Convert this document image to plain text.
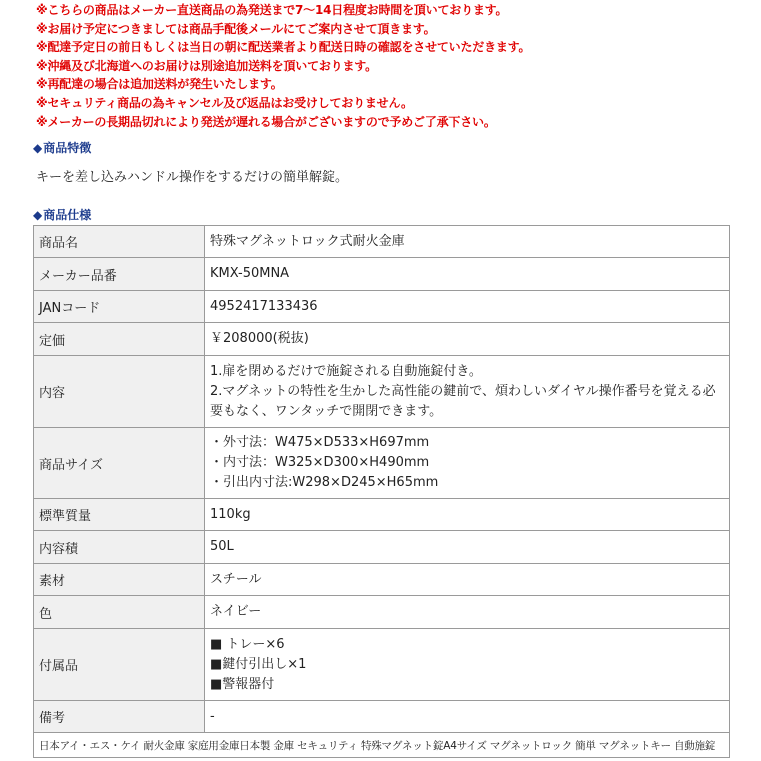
※こちらの商品はメーカー直送商品の為発送まで7～14日程度お時間を頂いております。
※お届け予定につきましては商品手配後メールにてご案内させて頂きます。
※配達予定日の前日もしくは当日の朝に配送業者より配送日時の確認をさせていただきます。
※沖縄及び北海道へのお届けは別途追加送料を頂いております。
※再配達の場合は追加送料が発生いたします。
※セキュリティ商品の為キャンセル及び返品はお受けしておりません。
※メーカーの長期品切れにより発送が遅れる場合がございますので予めご了承下さい。
◆商品特徴
キーを差し込みハンドル操作をするだけの簡単解錠。
◆商品仕様
商品名	特殊マグネットロック式耐火金庫

メーカー品番	KMX-50MNA

JANコード	4952417133436

定価	￥208000(税抜)

内容	1.扉を閉めるだけで施錠される自動施錠付き。
2.マグネットの特性を生かした高性能の鍵前で、煩わしいダイヤル操作番号を覚える必
要もなく、ワンタッチで開閉できます。

商品サイズ	・外寸法：W475×D533×H697mm
・内寸法：W325×D300×H490mm
・引出内寸法:W298×D245×H65mm

標準質量	110kg

内容積	50L

素材	スチール

色	ネイビー

付属品	■ トレー×6
■鍵付引出し×1
■警報器付

備考	-

日本アイ・エス・ケイ 耐火金庫 家庭用金庫日本製 金庫 セキュリティ 特殊マグネット錠A4サイズ マグネットロック 簡単 マグネットキー 自動施錠	
